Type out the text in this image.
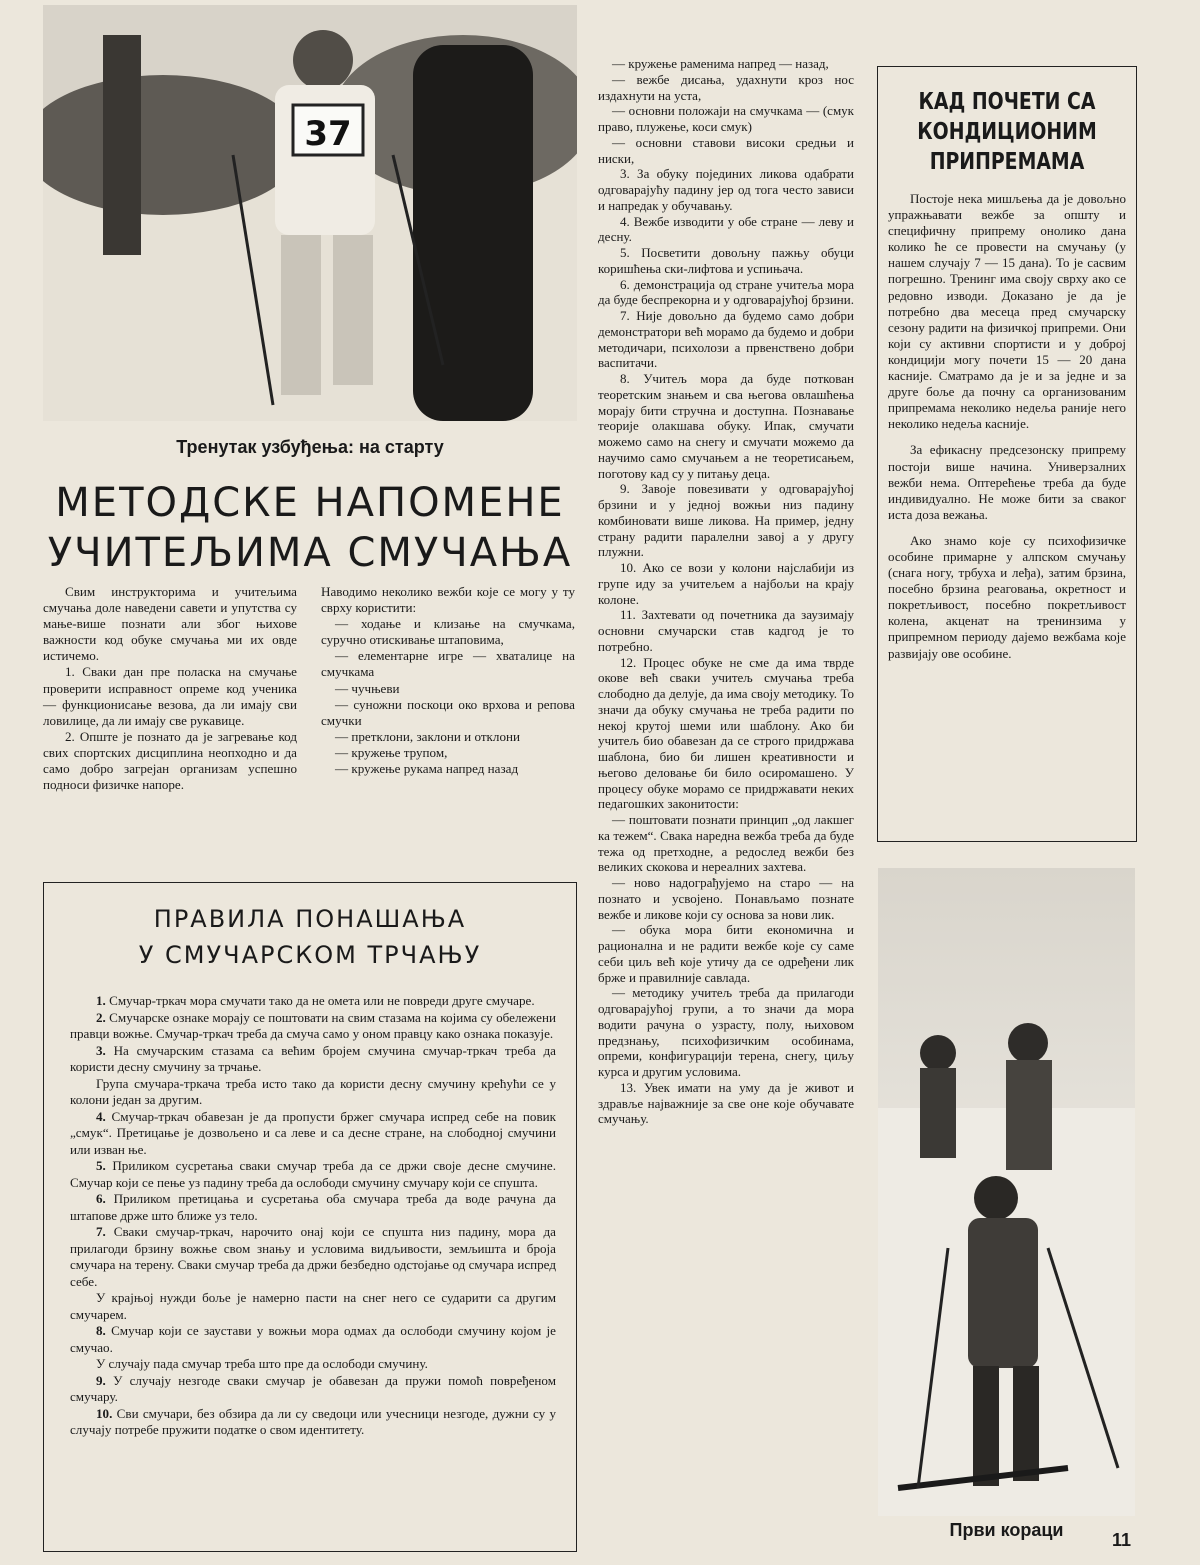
37
Тренутак узбуђења: на старту
МЕТОДСКЕ НАПОМЕНЕ
УЧИТЕЉИМА СМУЧАЊА

Свим инструкторима и учитељима смучања доле наведени савети и упутства су мање-више познати али због њихове важности код обуке смучања ми их овде истичемо.

1. Сваки дан пре поласка на смучање проверити исправност опреме код ученика — функционисање везова, да ли имају сви ловилице, да ли имају све рукавице.

2. Опште је познато да је загревање код свих спортских дисциплина неопходно и да само добро загрејан организам успешно подноси физичке напоре.

Наводимо неколико вежби које се могу у ту сврху користити:

— ходање и клизање на смучкама, суручно отискивање штаповима,

— елементарне игре — хваталице на смучкама

— чучњеви

— суножни поскоци око врхова и репова смучки

— претклони, заклони и отклони

— кружење трупом,

— кружење рукама напред назад

ПРАВИЛА ПОНАШАЊА
У СМУЧАРСКОМ ТРЧАЊУ

1. Смучар-тркач мора смучати тако да не омета или не повреди друге смучаре.

2. Смучарске ознаке морају се поштовати на свим стазама на којима су обележени правци вожње. Смучар-тркач треба да смуча само у оном правцу како ознака показује.

3. На смучарским стазама са већим бројем смучина смучар-тркач треба да користи десну смучину за трчање.

Група смучара-тркача треба исто тако да користи десну смучину крећући се у колони један за другим.

4. Смучар-тркач обавезан је да пропусти бржег смучара испред себе на повик „смук“. Претицање је дозвољено и са леве и са десне стране, на слободној смучини или изван ње.

5. Приликом сусретања сваки смучар треба да се држи своје десне смучине. Смучар који се пење уз падину треба да ослободи смучину смучару који се спушта.

6. Приликом претицања и сусретања оба смучара треба да воде рачуна да штапове држе што ближе уз тело.

7. Сваки смучар-тркач, нарочито онај који се спушта низ падину, мора да прилагоди брзину вожње свом знању и условима видљивости, земљишта и броја смучара на терену. Сваки смучар треба да држи безбедно одстојање од смучара испред себе.

У крајњој нужди боље је намерно пасти на снег него се сударити са другим смучарем.

8. Смучар који се заустави у вожњи мора одмах да ослободи смучину којом је смучао.

У случају пада смучар треба што пре да ослободи смучину.

9. У случају незгоде сваки смучар је обавезан да пружи помоћ повређеном смучару.

10. Сви смучари, без обзира да ли су сведоци или учесници незгоде, дужни су у случају потребе пружити податке о свом идентитету.

— кружење раменима напред — назад,

— вежбе дисања, удахнути кроз нос издахнути на уста,

— основни положаји на смучкама — (смук право, плужење, коси смук)

— основни ставови високи средњи и ниски,

3. За обуку појединих ликова одабрати одговарајућу падину јер од тога често зависи и напредак у обучавању.

4. Вежбе изводити у обе стране — леву и десну.

5. Посветити довољну пажњу обуци коришћења ски-лифтова и успињача.

6. демонстрација од стране учитеља мора да буде беспрекорна и у одговарајућој брзини.

7. Није довољно да будемо само добри демонстратори већ морамо да будемо и добри методичари, психолози а првенствено добри васпитачи.

8. Учитељ мора да буде поткован теоретским знањем и сва његова овлашћења морају бити стручна и доступна. Познавање теорије олакшава обуку. Ипак, смучати можемо само на снегу и смучати можемо да научимо само смучањем а не теоретисањем, поготову кад су у питању деца.

9. Завоје повезивати у одговарајућој брзини и у једној вожњи низ падину комбиновати више ликова. На пример, једну страну радити паралелни завој а у другу плужни.

10. Ако се вози у колони најслабији из групе иду за учитељем а најбољи на крају колоне.

11. Захтевати од почетника да заузимају основни смучарски став кадгод је то потребно.

12. Процес обуке не сме да има тврде окове већ сваки учитељ смучања треба слободно да делује, да има своју методику. То значи да обуку смучања не треба радити по некој крутој шеми или шаблону. Ако би учитељ био обавезан да се строго придржава шаблона, био би лишен креативности и његово деловање би било осиромашено. У процесу обуке морамо се придржавати неких педагошких законитости:

— поштовати познати принцип „од лакшег ка тежем“. Свака наредна вежба треба да буде тежа од претходне, а редослед вежби без великих скокова и нереалних захтева.

— ново надограђујемо на старо — на познато и усвојено. Понављамо познате вежбе и ликове који су основа за нови лик.

— обука мора бити економична и рационална и не радити вежбе које су саме себи циљ већ које утичу да се одређени лик брже и правилније савлада.

— методику учитељ треба да прилагоди одговарајућој групи, а то значи да мора водити рачуна о узрасту, полу, њиховом предзнању, психофизичким особинама, опреми, конфигурацији терена, снегу, циљу курса и другим условима.

13. Увек имати на уму да је живот и здравље најважније за све оне које обучавате смучању.

КАД ПОЧЕТИ СА
КОНДИЦИОНИМ
ПРИПРЕМАМА

Постоје нека мишљења да је довољно упражњавати вежбе за општу и специфичну припрему онолико дана колико ће се провести на смучању (у нашем случају 7 — 15 дана). То је сасвим погрешно. Тренинг има своју сврху ако се редовно изводи. Доказано је да је потребно два месеца пред смучарску сезону радити на физичкој припреми. Они који су активни спортисти и у доброј кондицији могу почети 15 — 20 дана касније. Сматрамо да је и за једне и за друге боље да почну са организованим припремама неколико недеља раније него неколико недеља касније.

За ефикасну предсезонску припрему постоји више начина. Универзалних вежби нема. Оптерећење треба да буде индивидуално. Не може бити за сваког иста доза вежања.

Ако знамо које су психофизичке особине примарне у алпском смучању (снага ногу, трбуха и леђа), затим брзина, посебно брзина реаговања, окретност и покретљивост, посебно покретљивост колена, акценат на тренинзима у припремном периоду дајемо вежбама које развијају ове особине.

Први кораци	11
